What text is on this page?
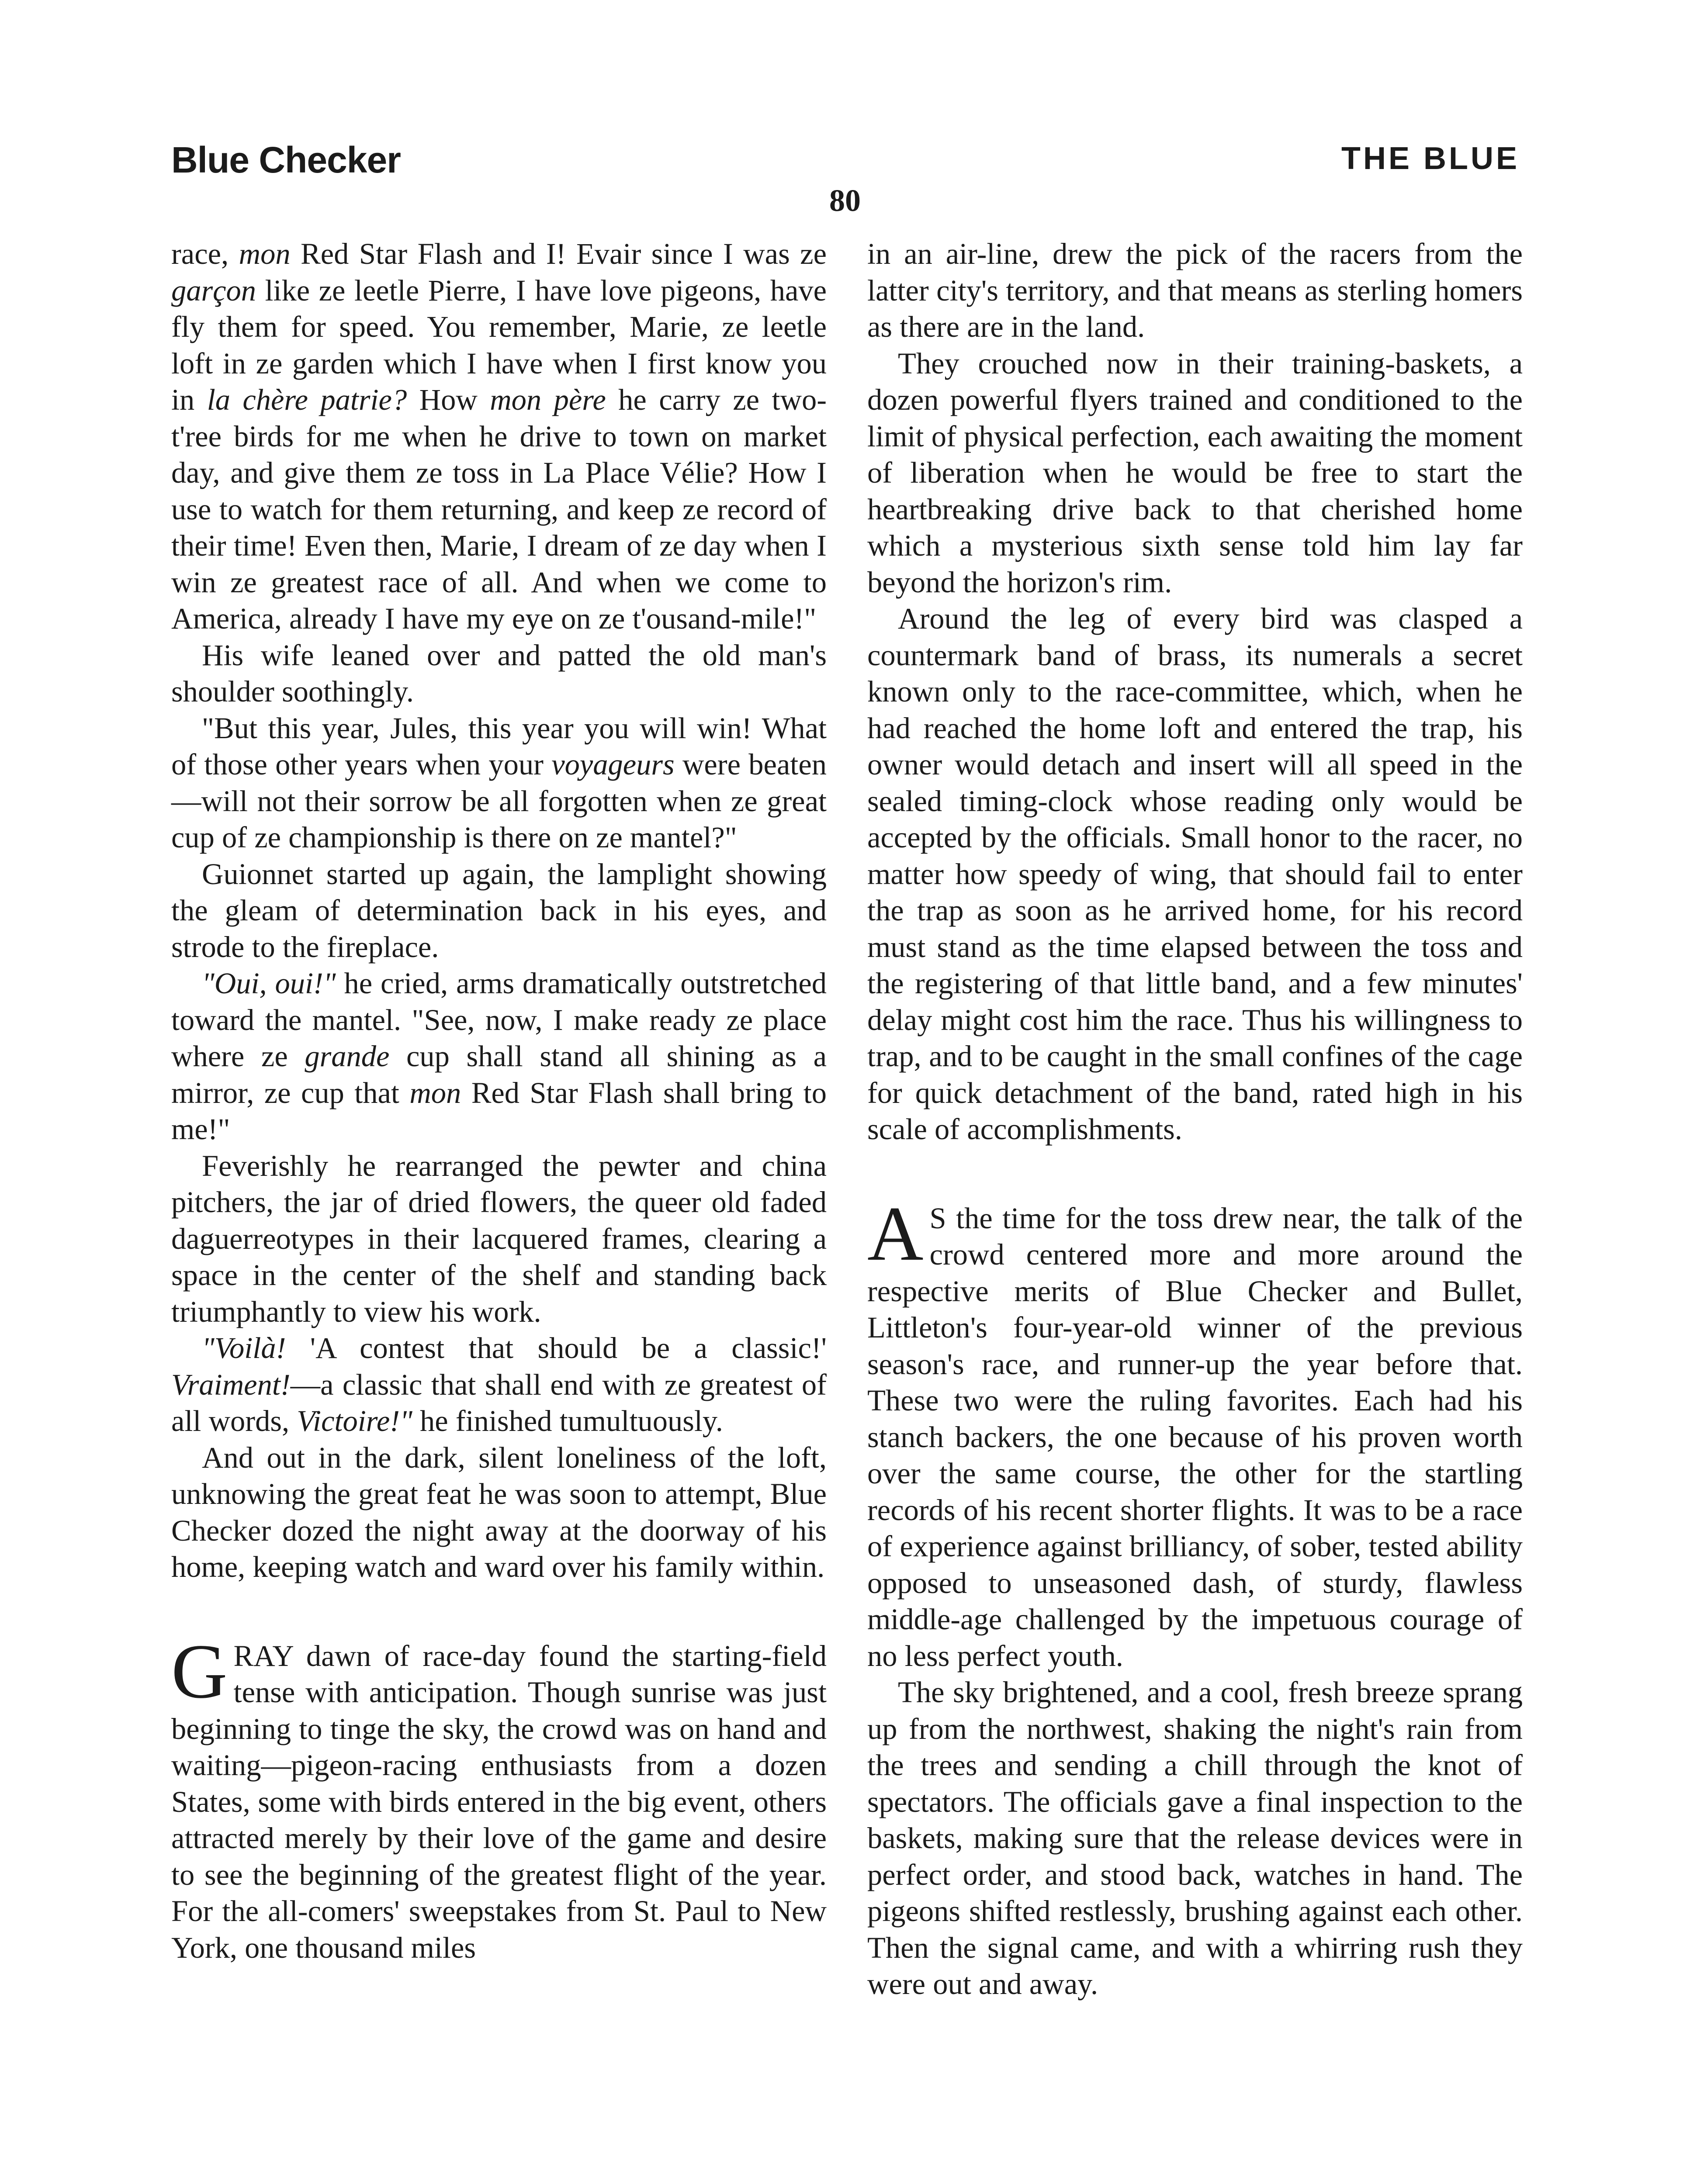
Blue Checker	THE BLUE
80

race, mon Red Star Flash and I! Evair since I was ze garçon like ze leetle Pierre, I have love pigeons, have fly them for speed. You remember, Marie, ze leetle loft in ze garden which I have when I first know you in la chère patrie? How mon père he carry ze two-t'ree birds for me when he drive to town on market day, and give them ze toss in La Place Vélie? How I use to watch for them returning, and keep ze record of their time! Even then, Marie, I dream of ze day when I win ze greatest race of all. And when we come to America, already I have my eye on ze t'ousand-mile!"

His wife leaned over and patted the old man's shoulder soothingly.

"But this year, Jules, this year you will win! What of those other years when your voyageurs were beaten—will not their sorrow be all forgotten when ze great cup of ze championship is there on ze mantel?"

Guionnet started up again, the lamplight showing the gleam of determination back in his eyes, and strode to the fireplace.

"Oui, oui!" he cried, arms dramatically outstretched toward the mantel. "See, now, I make ready ze place where ze grande cup shall stand all shining as a mirror, ze cup that mon Red Star Flash shall bring to me!"

Feverishly he rearranged the pewter and china pitchers, the jar of dried flowers, the queer old faded daguerreotypes in their lacquered frames, clearing a space in the center of the shelf and standing back triumphantly to view his work.

"Voilà! 'A contest that should be a classic!' Vraiment!—a classic that shall end with ze greatest of all words, Victoire!" he finished tumultuously.

And out in the dark, silent loneliness of the loft, unknowing the great feat he was soon to attempt, Blue Checker dozed the night away at the doorway of his home, keeping watch and ward over his family within.

GRAY dawn of race-day found the starting-field tense with anticipation. Though sunrise was just beginning to tinge the sky, the crowd was on hand and waiting—pigeon-racing enthusiasts from a dozen States, some with birds entered in the big event, others attracted merely by their love of the game and desire to see the beginning of the greatest flight of the year. For the all-comers' sweepstakes from St. Paul to New York, one thousand miles

in an air-line, drew the pick of the racers from the latter city's territory, and that means as sterling homers as there are in the land.

They crouched now in their training-baskets, a dozen powerful flyers trained and conditioned to the limit of physical perfection, each awaiting the moment of liberation when he would be free to start the heartbreaking drive back to that cherished home which a mysterious sixth sense told him lay far beyond the horizon's rim.

Around the leg of every bird was clasped a countermark band of brass, its numerals a secret known only to the race-committee, which, when he had reached the home loft and entered the trap, his owner would detach and insert will all speed in the sealed timing-clock whose reading only would be accepted by the officials. Small honor to the racer, no matter how speedy of wing, that should fail to enter the trap as soon as he arrived home, for his record must stand as the time elapsed between the toss and the registering of that little band, and a few minutes' delay might cost him the race. Thus his willingness to trap, and to be caught in the small confines of the cage for quick detachment of the band, rated high in his scale of accomplishments.

A S the time for the toss drew near, the talk of the crowd centered more and more around the respective merits of Blue Checker and Bullet, Littleton's four-year-old winner of the previous season's race, and runner-up the year before that. These two were the ruling favorites. Each had his stanch backers, the one because of his proven worth over the same course, the other for the startling records of his recent shorter flights. It was to be a race of experience against brilliancy, of sober, tested ability opposed to unseasoned dash, of sturdy, flawless middle-age challenged by the impetuous courage of no less perfect youth.

The sky brightened, and a cool, fresh breeze sprang up from the northwest, shaking the night's rain from the trees and sending a chill through the knot of spectators. The officials gave a final inspection to the baskets, making sure that the release devices were in perfect order, and stood back, watches in hand. The pigeons shifted restlessly, brushing against each other. Then the signal came, and with a whirring rush they were out and away.
